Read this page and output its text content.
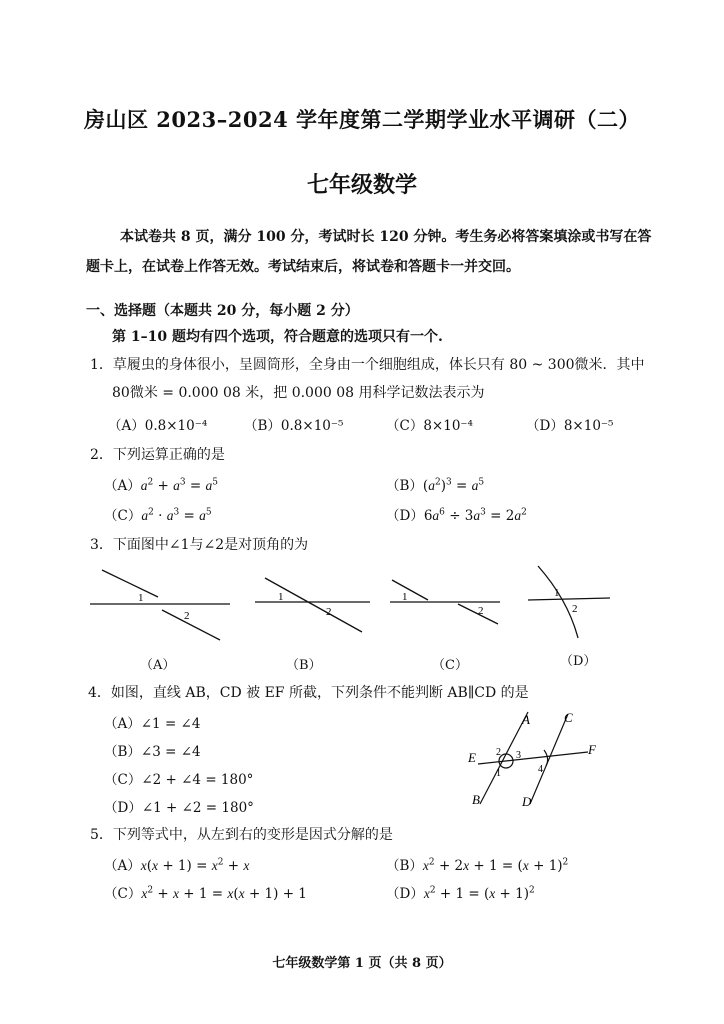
房山区 2023–2024 学年度第二学期学业水平调研（二）
七年级数学
本试卷共 8 页，满分 100 分，考试时长 120 分钟。考生务必将答案填涂或书写在答
题卡上，在试卷上作答无效。考试结束后，将试卷和答题卡一并交回。
一、选择题（本题共 20 分，每小题 2 分）
第 1–10 题均有四个选项，符合题意的选项只有一个.
1．草履虫的身体很小，呈圆筒形，全身由一个细胞组成，体长只有 80 ~ 300微米．其中
80微米 = 0.000 08 米，把 0.000 08 用科学记数法表示为
（A）0.8×10⁻⁴	（B）0.8×10⁻⁵	（C）8×10⁻⁴	（D）8×10⁻⁵
2．下列运算正确的是
$(A)a^2 + a^3 = a^5$	$(B)(a^2)^3 = a^5$
$(C)a^2 \cdot a^3 = a^5$	$(D)6a^6 \div 3a^3 = 2a^2$
3．下面图中∠1与∠2是对顶角的为
1
2
1
2
1
2
1
2
（A）	（B）	（C）	（D）
4．如图，直线 AB，CD 被 EF 所截，下列条件不能判断 AB∥CD 的是
（A）∠1 = ∠4
（B）∠3 = ∠4
（C）∠2 + ∠4 = 180°
（D）∠1 + ∠2 = 180°
A	C
E
F
B	D
2 3
1	4
5．下列等式中，从左到右的变形是因式分解的是
$(A)x(x + 1) = x^2 + x$	$(B)x^2 + 2x + 1 = (x + 1)^2$
$(C)x^2 + x + 1 = x(x + 1) + 1$	$(D)x^2 + 1 = (x + 1)^2$
七年级数学第 1 页（共 8 页）
